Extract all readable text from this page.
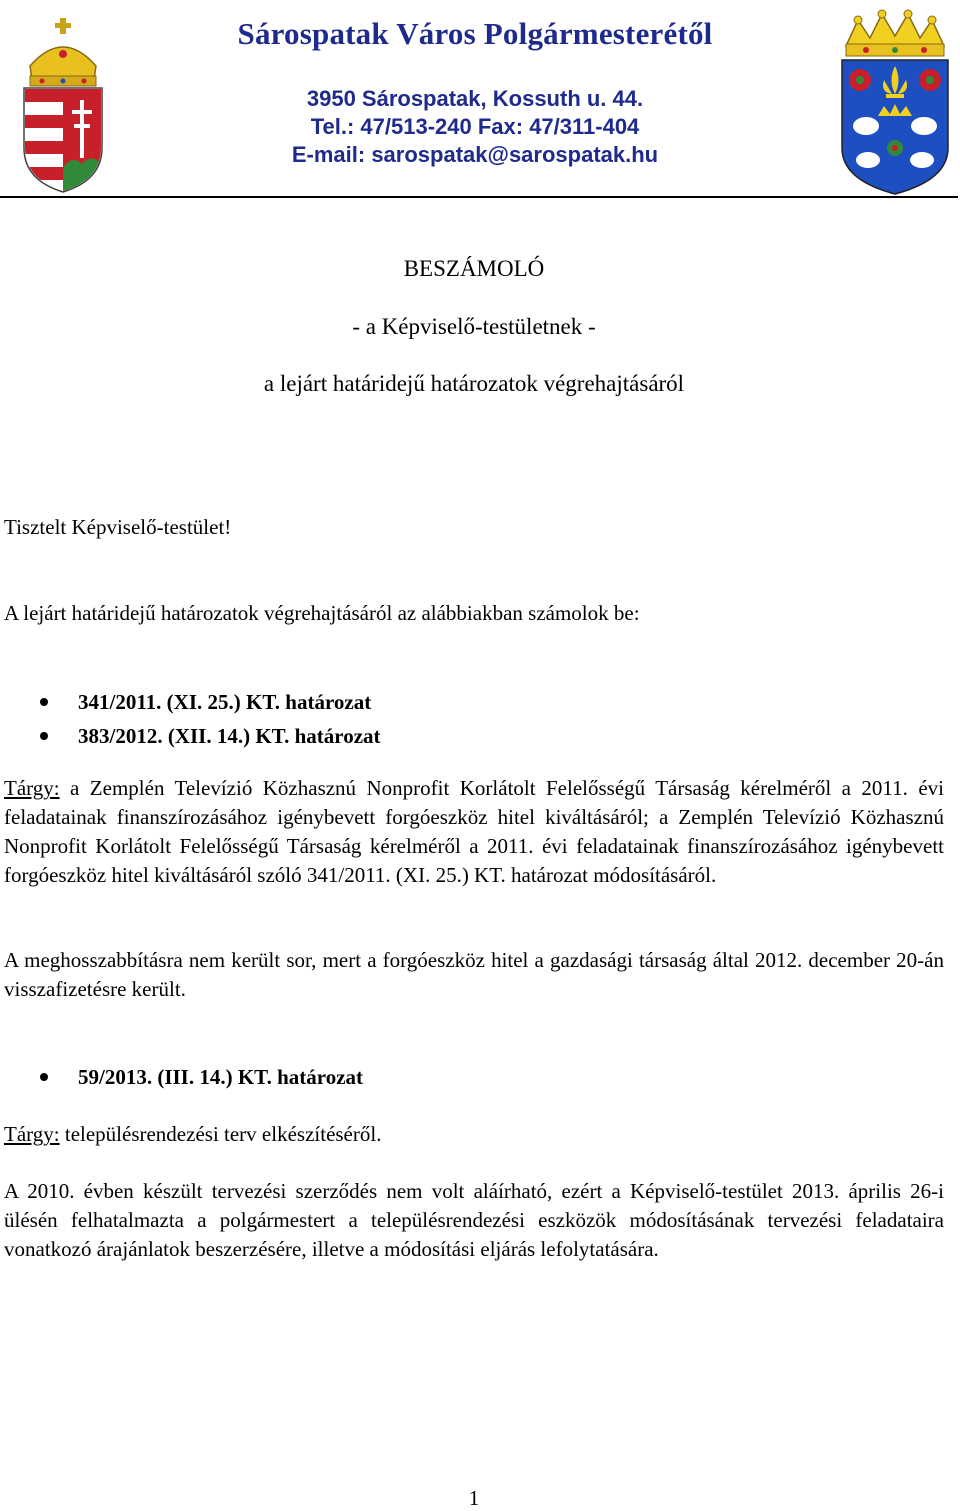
Sárospatak Város Polgármesterétől
3950 Sárospatak, Kossuth u. 44.
Tel.: 47/513-240 Fax: 47/311-404
E-mail: sarospatak@sarospatak.hu
BESZÁMOLÓ
- a Képviselő-testületnek -
a lejárt határidejű határozatok végrehajtásáról
Tisztelt Képviselő-testület!
A lejárt határidejű határozatok végrehajtásáról az alábbiakban számolok be:
341/2011. (XI. 25.) KT. határozat
383/2012. (XII. 14.) KT. határozat
Tárgy: a Zemplén Televízió Közhasznú Nonprofit Korlátolt Felelősségű Társaság kérelméről a 2011. évi feladatainak finanszírozásához igénybevett forgóeszköz hitel kiváltásáról; a Zemplén Televízió Közhasznú Nonprofit Korlátolt Felelősségű Társaság kérelméről a 2011. évi feladatainak finanszírozásához igénybevett forgóeszköz hitel kiváltásáról szóló 341/2011. (XI. 25.) KT. határozat módosításáról.
A meghosszabbításra nem került sor, mert a forgóeszköz hitel a gazdasági társaság által 2012. december 20-án visszafizetésre került.
59/2013. (III. 14.) KT. határozat
Tárgy: településrendezési terv elkészítéséről.
A 2010. évben készült tervezési szerződés nem volt aláírható, ezért a Képviselő-testület 2013. április 26-i ülésén felhatalmazta a polgármestert a településrendezési eszközök módosításának tervezési feladataira vonatkozó árajánlatok beszerzésére, illetve a módosítási eljárás lefolytatására.
1
